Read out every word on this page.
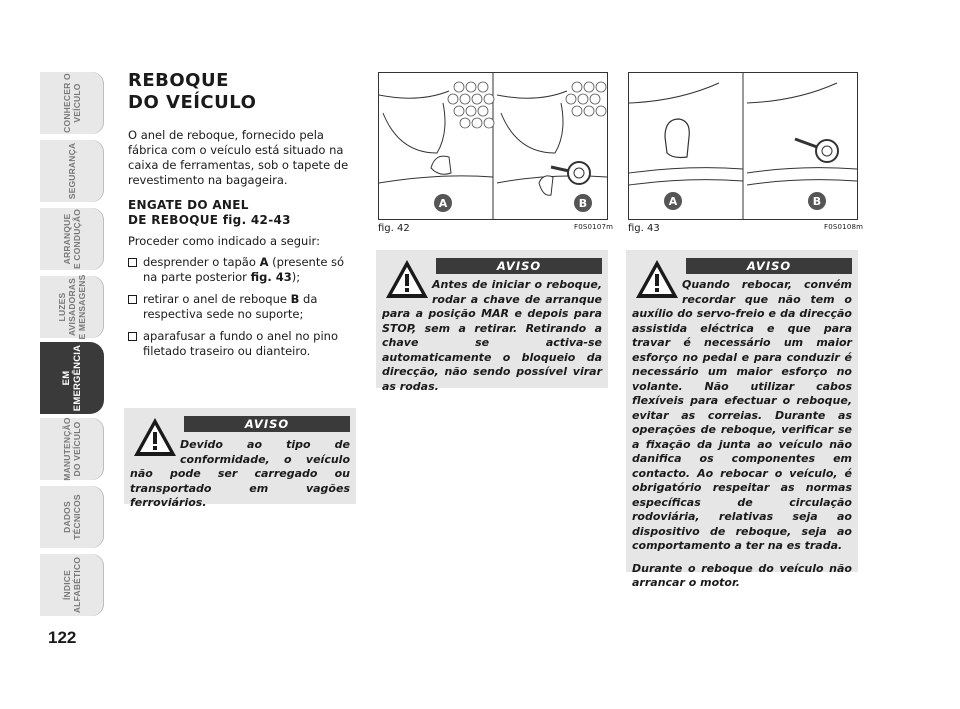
CONHECER O
VEÍCULO
SEGURANÇA
ARRANQUE
E CONDUÇÃO
LUZES
AVISADORAS
E MENSAGENS
EM
EMERGÊNCIA
MANUTENÇÃO
DO VEÍCULO
DADOS
TÉCNICOS
ÍNDICE
ALFABÉTICO
122
REBOQUE
DO VEÍCULO

O anel de reboque, fornecido pela fábrica com o veículo está situado na caixa de ferramentas, sob o tapete de revestimento na bagageira.

ENGATE DO ANEL
DE REBOQUE fig. 42-43

Proceder como indicado a seguir:

desprender o tapão A (presente só na parte posterior fig. 43);
retirar o anel de reboque B da respectiva sede no suporte;
aparafusar a fundo o anel no pino filetado traseiro ou dianteiro.
AVISO
Devido ao tipo de conformidade, o veículo não pode ser carregado ou transportado em vagões ferroviários.
A	B
fig. 42	F0S0107m
A	B
fig. 43	F0S0108m
AVISO
Antes de iniciar o reboque, rodar a chave de arranque para a posição MAR e depois para STOP, sem a retirar. Retirando a chave se activa-se automaticamente o bloqueio da direcção, não sendo possível virar as rodas.
AVISO

Quando rebocar, convém recordar que não tem o auxílio do servo-freio e da direcção assistida eléctrica e que para travar é necessário um maior esforço no pedal e para conduzir é necessário um maior esforço no volante. Não utilizar cabos flexíveis para efectuar o reboque, evitar as correias. Durante as operações de reboque, verificar se a fixação da junta ao veículo não danifica os componentes em contacto. Ao rebocar o veículo, é obrigatório respeitar as normas específicas de circulação rodoviária, relativas seja ao dispositivo de reboque, seja ao comportamento a ter na es trada.

Durante o reboque do veículo não arrancar o motor.
